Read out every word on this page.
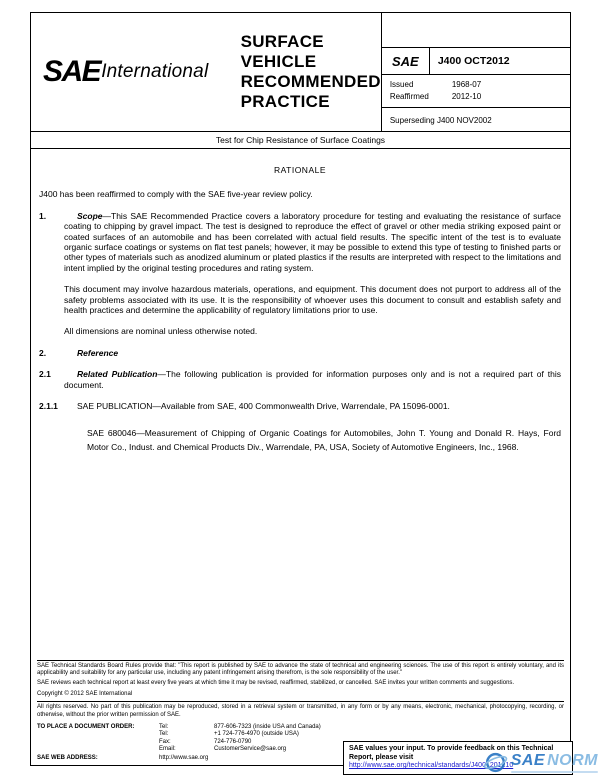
SAE International
SURFACE
VEHICLE
RECOMMENDED
PRACTICE
SAE	J400 OCT2012
Issued	1968-07
Reaffirmed	2012-10
Superseding J400 NOV2002
Test for Chip Resistance of Surface Coatings
RATIONALE

J400 has been reaffirmed to comply with the SAE five-year review policy.

1.	Scope—This SAE Recommended Practice covers a laboratory procedure for testing and evaluating the resistance of surface coating to chipping by gravel impact. The test is designed to reproduce the effect of gravel or other media striking exposed paint or coated surfaces of an automobile and has been correlated with actual field results. The specific intent of the test is to evaluate organic surface coatings or systems on flat test panels; however, it may be possible to extend this type of testing to finished parts or other types of materials such as anodized aluminum or plated plastics if the results are interpreted with respect to the limitations and intent implied by the original testing procedures and rating system.

This document may involve hazardous materials, operations, and equipment. This document does not purport to address all of the safety problems associated with its use. It is the responsibility of whoever uses this document to consult and establish safety and health practices and determine the applicability of regulatory limitations prior to use.

All dimensions are nominal unless otherwise noted.

2.	Reference
2.1	Related Publication—The following publication is provided for information purposes only and is not a required part of this document.
2.1.1 SAE PUBLICATION—Available from SAE, 400 Commonwealth Drive, Warrendale, PA 15096-0001.

SAE 680046—Measurement of Chipping of Organic Coatings for Automobiles, John T. Young and Donald R. Hays, Ford Motor Co., Indust. and Chemical Products Div., Warrendale, PA, USA, Society of Automotive Engineers, Inc., 1968.

SAE Technical Standards Board Rules provide that: "This report is published by SAE to advance the state of technical and engineering sciences. The use of this report is entirely voluntary, and its applicability and suitability for any particular use, including any patent infringement arising therefrom, is the sole responsibility of the user."

SAE reviews each technical report at least every five years at which time it may be revised, reaffirmed, stabilized, or cancelled. SAE invites your written comments and suggestions.

Copyright © 2012 SAE International

All rights reserved. No part of this publication may be reproduced, stored in a retrieval system or transmitted, in any form or by any means, electronic, mechanical, photocopying, recording, or otherwise, without the prior written permission of SAE.

TO PLACE A DOCUMENT ORDER:	Tel:	877-606-7323 (inside USA and Canada)
Tel:	+1 724-776-4970 (outside USA)
Fax:	724-776-0790
Email:	CustomerService@sae.org
SAE WEB ADDRESS:	http://www.sae.org
SAE values your input. To provide feedback on this Technical Report, please visit
http://www.sae.org/technical/standards/J400_201210
SAE NORM
